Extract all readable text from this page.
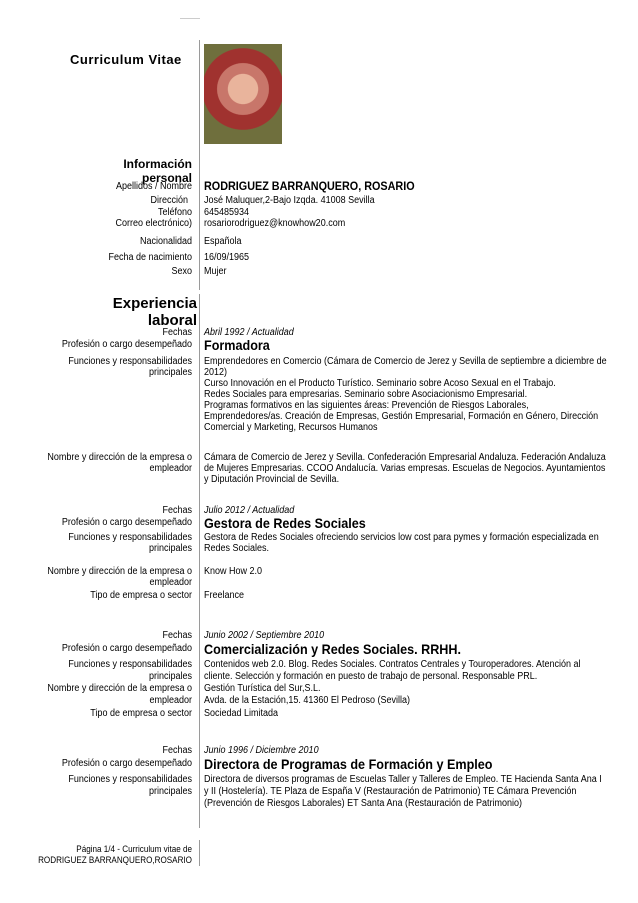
Curriculum Vitae
Información personal
Apellidos / Nombre RODRIGUEZ BARRANQUERO, ROSARIO
Dirección José Maluquer,2-Bajo Izqda. 41008 Sevilla
Teléfono 645485934
Correo electrónico) rosariorodriguez@knowhow20.com
Nacionalidad Española
Fecha de nacimiento 16/09/1965
Sexo Mujer
Experiencia laboral
Fechas Abril 1992 / Actualidad
Profesión o cargo desempeñado Formadora
Funciones y responsabilidades
principales
Emprendedores en Comercio (Cámara de Comercio de Jerez y Sevilla de septiembre a diciembre de
2012)
Curso Innovación en el Producto Turístico. Seminario sobre Acoso Sexual en el Trabajo.
Redes Sociales para empresarias. Seminario sobre Asociacionismo Empresarial.
Programas formativos en las siguientes áreas: Prevención de Riesgos Laborales,
Emprendedores/as. Creación de Empresas, Gestión Empresarial, Formación en Género, Dirección
Comercial y Marketing, Recursos Humanos
Nombre y dirección de la empresa o
empleador
Cámara de Comercio de Jerez y Sevilla. Confederación Empresarial Andaluza. Federación Andaluza
de Mujeres Empresarias. CCOO Andalucía. Varias empresas. Escuelas de Negocios. Ayuntamientos
y Diputación Provincial de Sevilla.
Fechas Julio 2012 / Actualidad
Profesión o cargo desempeñado Gestora de Redes Sociales
Funciones y responsabilidades
principales
Gestora de Redes Sociales ofreciendo servicios low cost para pymes y formación especializada en
Redes Sociales.
Nombre y dirección de la empresa o
empleador
Know How 2.0
Tipo de empresa o sector Freelance
Fechas Junio 2002 / Septiembre 2010
Profesión o cargo desempeñado Comercialización y Redes Sociales. RRHH.
Funciones y responsabilidades
principales
Contenidos web 2.0. Blog. Redes Sociales. Contratos Centrales y Touroperadores. Atención al
cliente. Selección y formación en puesto de trabajo de personal. Responsable PRL.
Nombre y dirección de la empresa o
empleador
Gestión Turística del Sur,S.L.
Avda. de la Estación,15. 41360 El Pedroso (Sevilla)
Tipo de empresa o sector Sociedad Limitada
Fechas Junio 1996 / Diciembre 2010
Profesión o cargo desempeñado Directora de Programas de Formación y Empleo
Funciones y responsabilidades
principales
Directora de diversos programas de Escuelas Taller y Talleres de Empleo. TE Hacienda Santa Ana I
y II (Hostelería). TE Plaza de España V (Restauración de Patrimonio) TE Cámara Prevención
(Prevención de Riesgos Laborales) ET Santa Ana (Restauración de Patrimonio)
Página 1/4 - Curriculum vitae de
RODRIGUEZ BARRANQUERO,ROSARIO
